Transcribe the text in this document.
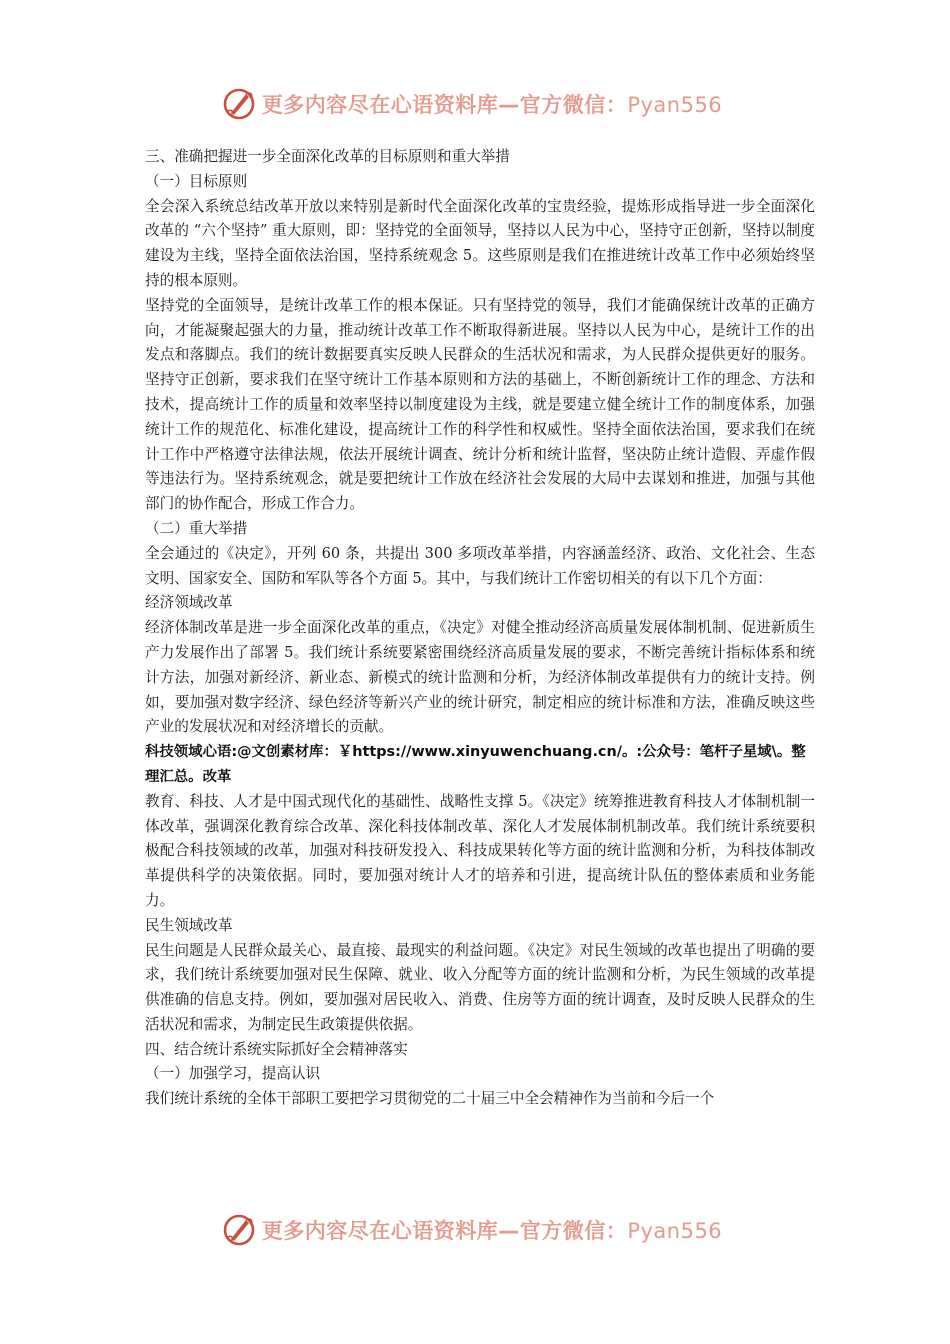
更多内容尽在心语资料库—官方微信：Pyan556

三、准确把握进一步全面深化改革的目标原则和重大举措

（一）目标原则

全会深入系统总结改革开放以来特别是新时代全面深化改革的宝贵经验，提炼形成指导进一步全面深化改革的 “六个坚持” 重大原则，即：坚持党的全面领导，坚持以人民为中心，坚持守正创新，坚持以制度建设为主线，坚持全面依法治国，坚持系统观念 5。这些原则是我们在推进统计改革工作中必须始终坚持的根本原则。

坚持党的全面领导，是统计改革工作的根本保证。只有坚持党的领导，我们才能确保统计改革的正确方向，才能凝聚起强大的力量，推动统计改革工作不断取得新进展。坚持以人民为中心，是统计工作的出发点和落脚点。我们的统计数据要真实反映人民群众的生活状况和需求，为人民群众提供更好的服务。坚持守正创新，要求我们在坚守统计工作基本原则和方法的基础上，不断创新统计工作的理念、方法和技术，提高统计工作的质量和效率坚持以制度建设为主线，就是要建立健全统计工作的制度体系，加强统计工作的规范化、标准化建设，提高统计工作的科学性和权威性。坚持全面依法治国，要求我们在统计工作中严格遵守法律法规，依法开展统计调查、统计分析和统计监督，坚决防止统计造假、弄虚作假等违法行为。坚持系统观念，就是要把统计工作放在经济社会发展的大局中去谋划和推进，加强与其他部门的协作配合，形成工作合力。

（二）重大举措

全会通过的《决定》，开列 60 条，共提出 300 多项改革举措，内容涵盖经济、政治、文化社会、生态文明、国家安全、国防和军队等各个方面 5。其中，与我们统计工作密切相关的有以下几个方面：

经济领域改革

经济体制改革是进一步全面深化改革的重点，《决定》对健全推动经济高质量发展体制机制、促进新质生产力发展作出了部署 5。我们统计系统要紧密围绕经济高质量发展的要求，不断完善统计指标体系和统计方法，加强对新经济、新业态、新模式的统计监测和分析，为经济体制改革提供有力的统计支持。例如，要加强对数字经济、绿色经济等新兴产业的统计研究，制定相应的统计标准和方法，准确反映这些产业的发展状况和对经济增长的贡献。

科技领域心语:@文创素材库：￥https://www.xinyuwenchuang.cn/。:公众号：笔杆子星域\。整理汇总。改革

教育、科技、人才是中国式现代化的基础性、战略性支撑 5。《决定》统筹推进教育科技人才体制机制一体改革，强调深化教育综合改革、深化科技体制改革、深化人才发展体制机制改革。我们统计系统要积极配合科技领域的改革，加强对科技研发投入、科技成果转化等方面的统计监测和分析，为科技体制改革提供科学的决策依据。同时，要加强对统计人才的培养和引进，提高统计队伍的整体素质和业务能力。

民生领域改革

民生问题是人民群众最关心、最直接、最现实的利益问题。《决定》对民生领域的改革也提出了明确的要求，我们统计系统要加强对民生保障、就业、收入分配等方面的统计监测和分析，为民生领域的改革提供准确的信息支持。例如，要加强对居民收入、消费、住房等方面的统计调查，及时反映人民群众的生活状况和需求，为制定民生政策提供依据。

四、结合统计系统实际抓好全会精神落实

（一）加强学习，提高认识

我们统计系统的全体干部职工要把学习贯彻党的二十届三中全会精神作为当前和今后一个

更多内容尽在心语资料库—官方微信：Pyan556
